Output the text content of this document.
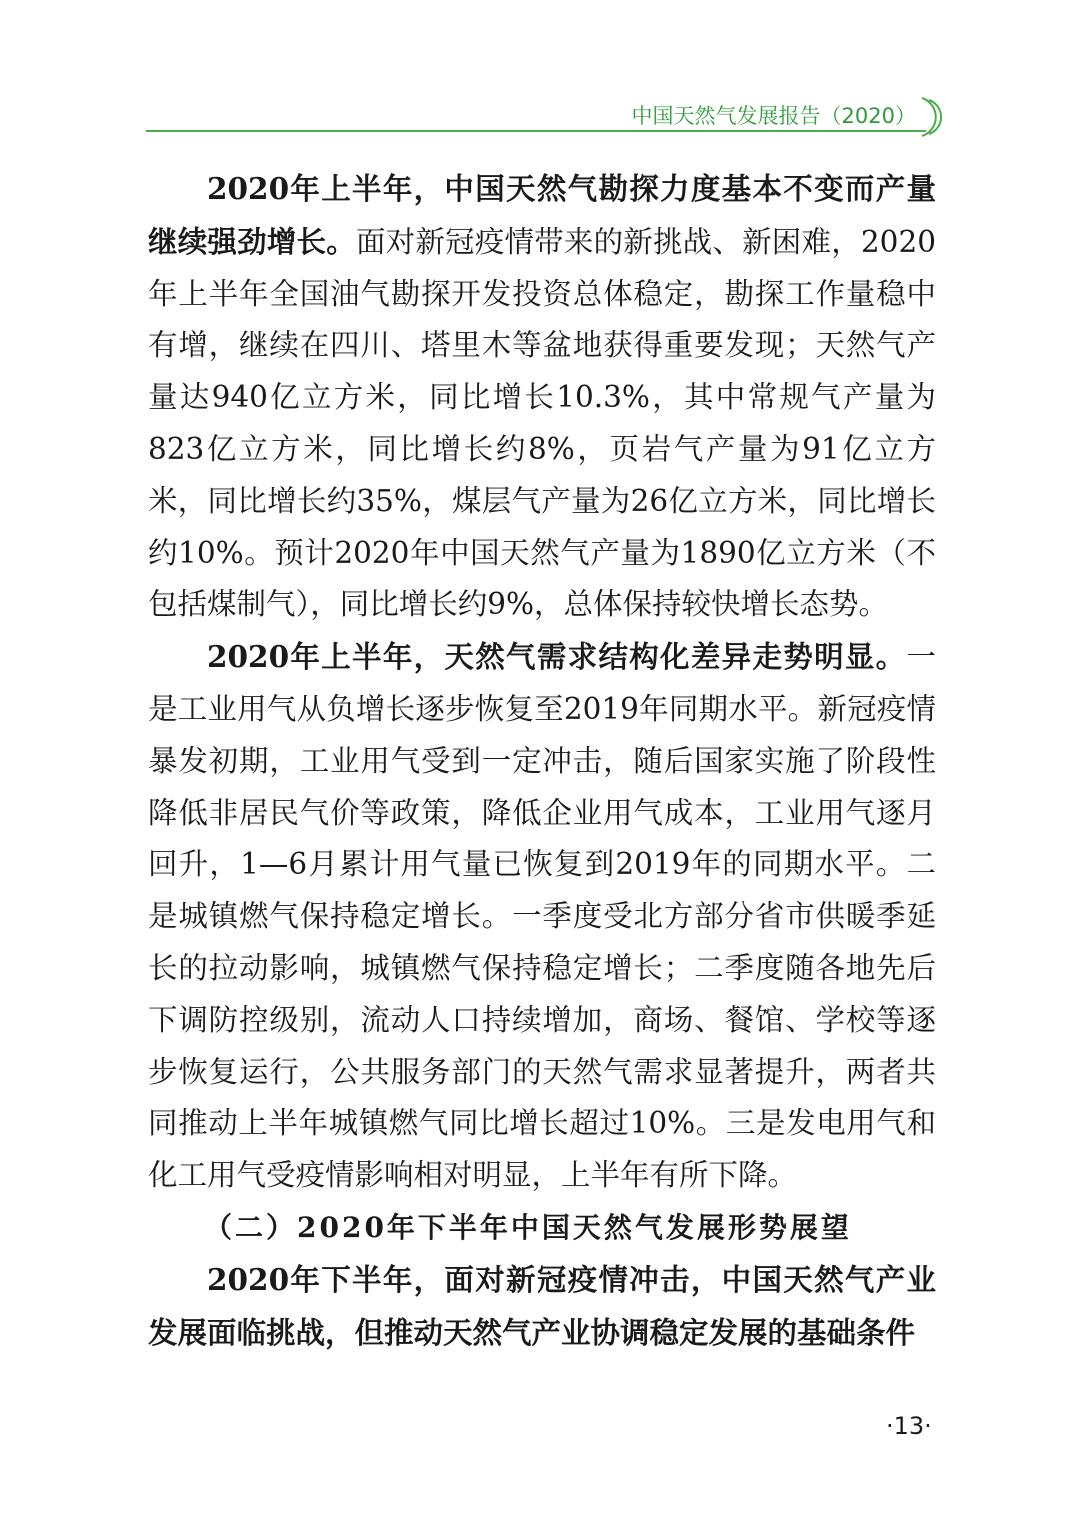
中国天然气发展报告（2020）

2020年上半年，中国天然气勘探力度基本不变而产量继续强劲增长。面对新冠疫情带来的新挑战、新困难，2020年上半年全国油气勘探开发投资总体稳定，勘探工作量稳中有增，继续在四川、塔里木等盆地获得重要发现；天然气产量达940亿立方米，同比增长10.3%，其中常规气产量为823亿立方米，同比增长约8%，页岩气产量为91亿立方米，同比增长约35%，煤层气产量为26亿立方米，同比增长约10%。预计2020年中国天然气产量为1890亿立方米（不包括煤制气），同比增长约9%，总体保持较快增长态势。

2020年上半年，天然气需求结构化差异走势明显。一是工业用气从负增长逐步恢复至2019年同期水平。新冠疫情暴发初期，工业用气受到一定冲击，随后国家实施了阶段性降低非居民气价等政策，降低企业用气成本，工业用气逐月回升，1—6月累计用气量已恢复到2019年的同期水平。二是城镇燃气保持稳定增长。一季度受北方部分省市供暖季延长的拉动影响，城镇燃气保持稳定增长；二季度随各地先后下调防控级别，流动人口持续增加，商场、餐馆、学校等逐步恢复运行，公共服务部门的天然气需求显著提升，两者共同推动上半年城镇燃气同比增长超过10%。三是发电用气和化工用气受疫情影响相对明显，上半年有所下降。

（二）2020年下半年中国天然气发展形势展望

2020年下半年，面对新冠疫情冲击，中国天然气产业发展面临挑战，但推动天然气产业协调稳定发展的基础条件

·13·
